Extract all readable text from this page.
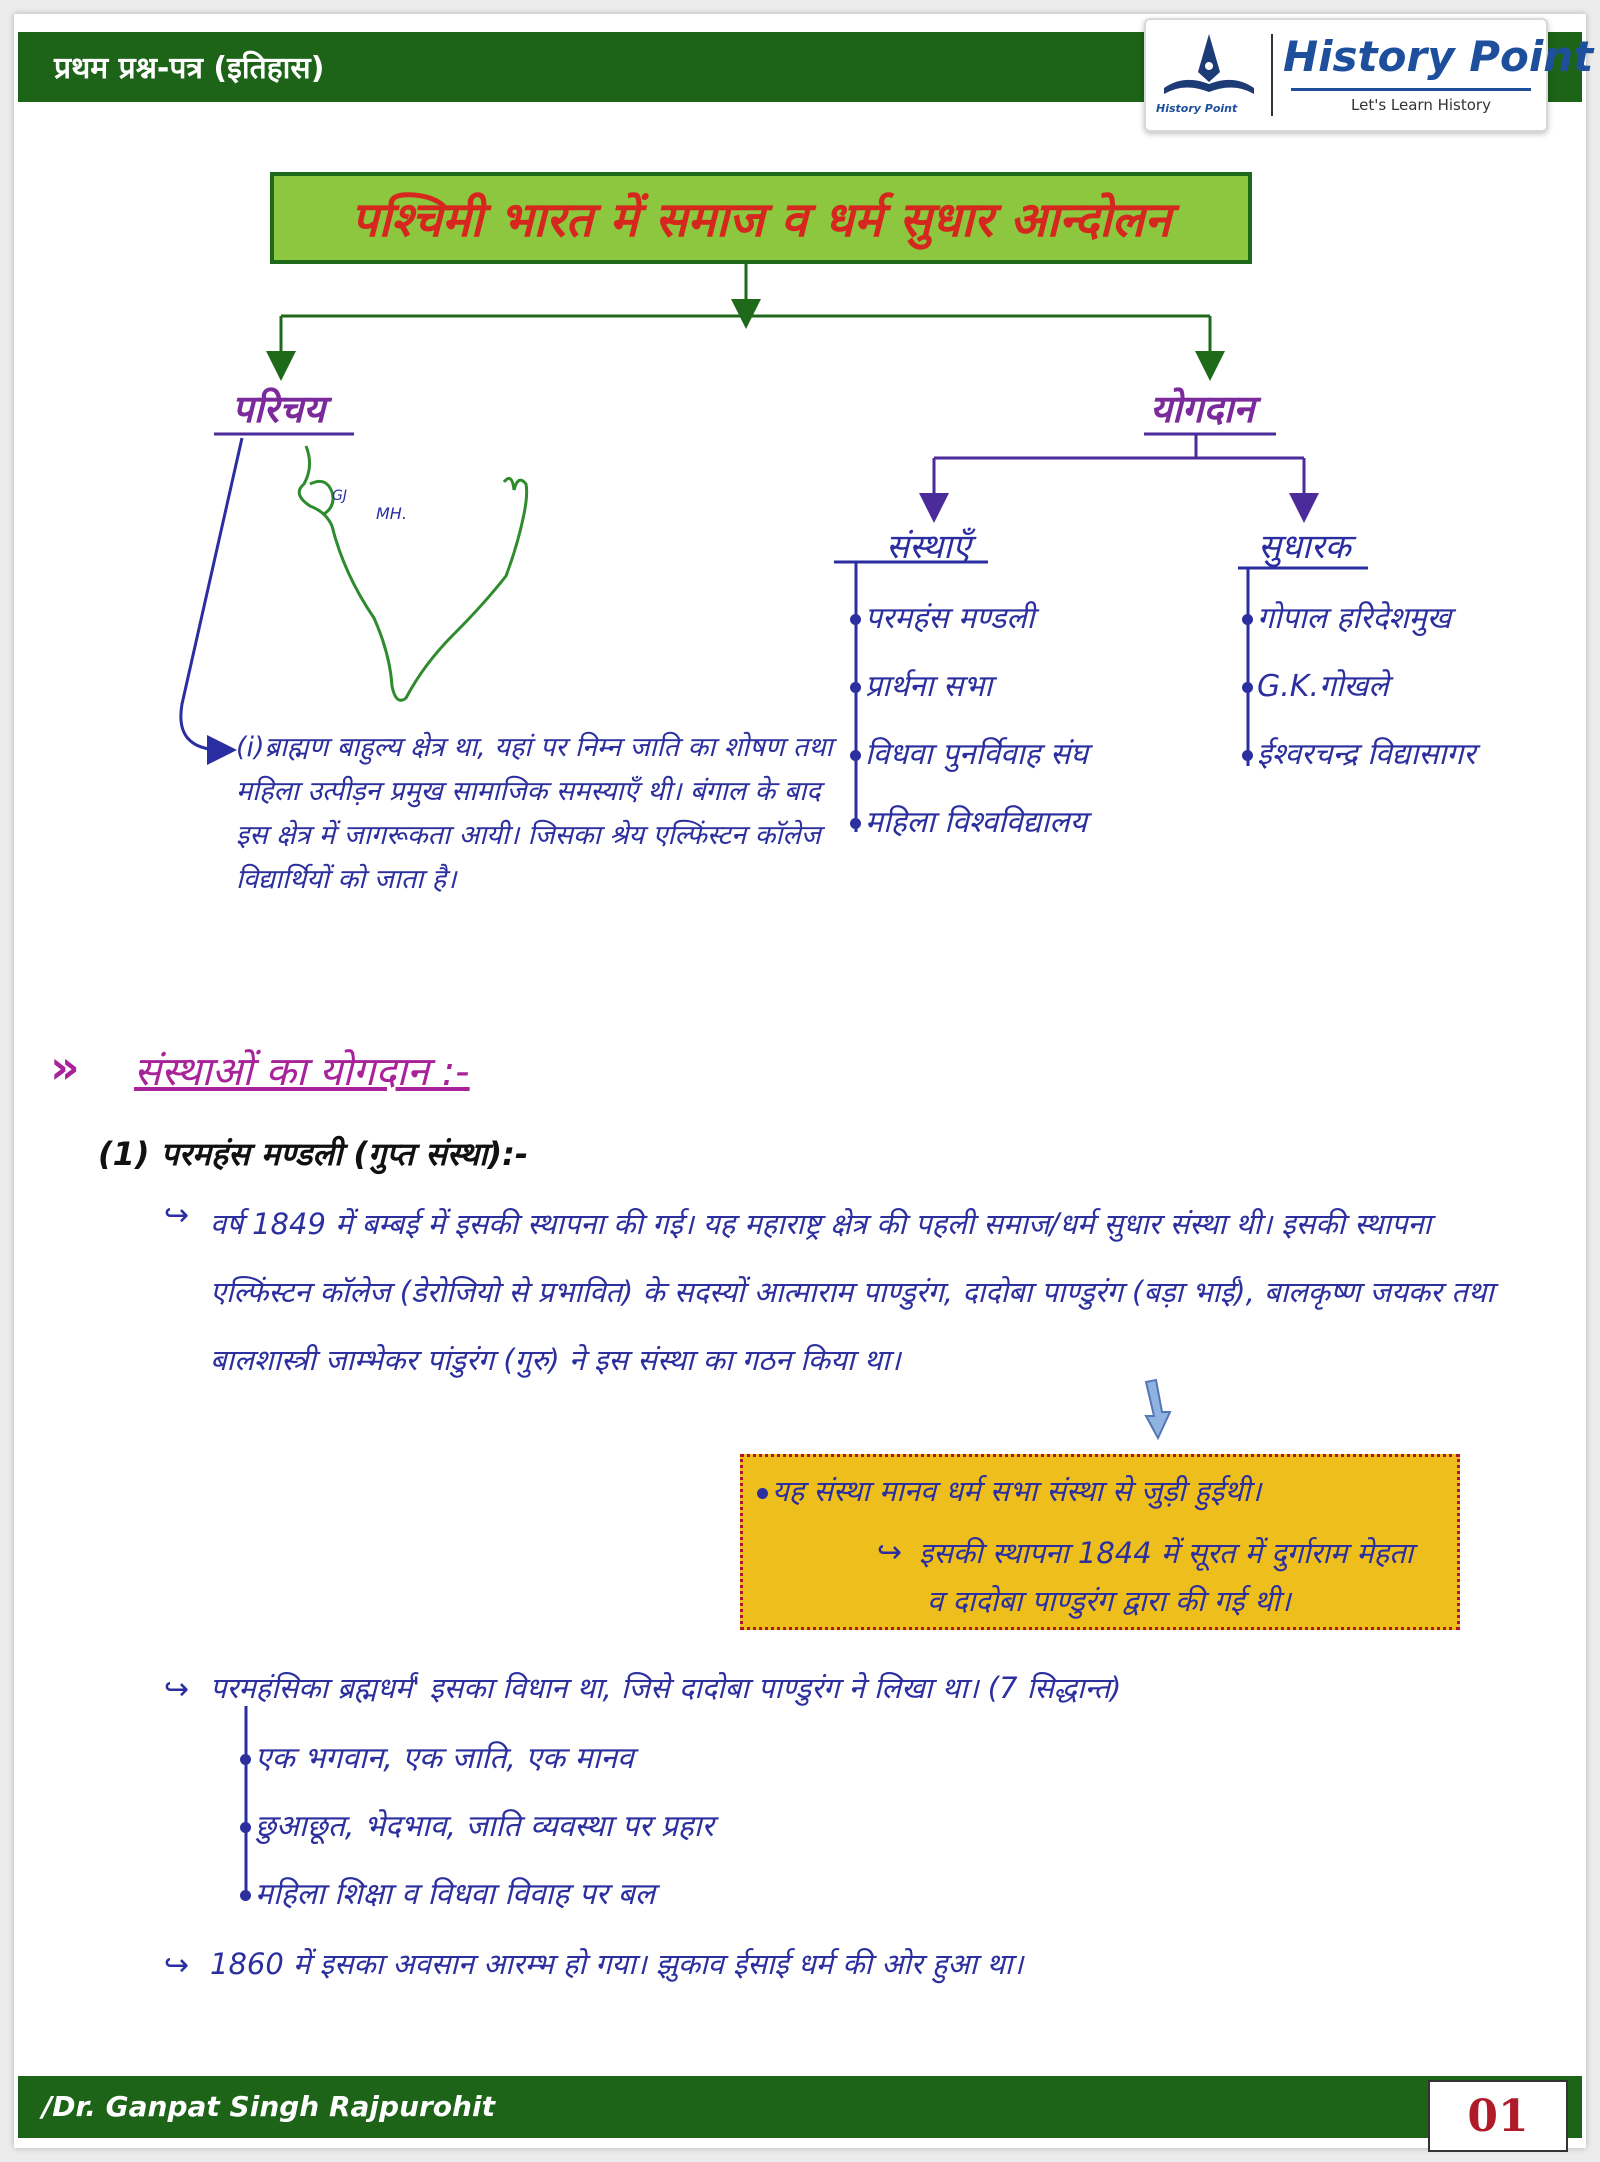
प्रथम प्रश्न-पत्र (इतिहास)
History Point
History Point
Let's Learn History
पश्चिमी भारत में समाज व धर्म सुधार आन्दोलन
परिचय	योगदान
GJ
MH.
संस्थाएँ	सुधारक
परमहंस मण्डली
प्रार्थना सभा
विधवा पुनर्विवाह संघ
महिला विश्वविद्यालय
गोपाल हरिदेशमुख
G.K.गोखले
ईश्वरचन्द्र विद्यासागर
(i)ब्राह्मण बाहुल्य क्षेत्र था, यहां पर निम्न जाति का शोषण तथा महिला उत्पीड़न प्रमुख सामाजिक समस्याएँ थी। बंगाल के बाद इस क्षेत्र में जागरूकता आयी। जिसका श्रेय एल्फिंस्टन कॉलेज विद्यार्थियों को जाता है।
» संस्थाओं का योगदान :-
(1) परमहंस मण्डली (गुप्त संस्था):-
↪ वर्ष 1849 में बम्बई में इसकी स्थापना की गई। यह महाराष्ट्र क्षेत्र की पहली समाज/धर्म सुधार संस्था थी। इसकी स्थापना एल्फिंस्टन कॉलेज (डेरोजियो से प्रभावित) के सदस्यों आत्माराम पाण्डुरंग, दादोबा पाण्डुरंग (बड़ा भाई), बालकृष्ण जयकर तथा बालशास्त्री जाम्भेकर पांडुरंग (गुरु) ने इस संस्था का गठन किया था।
यह संस्था मानव धर्म सभा संस्था से जुड़ी हुईथी।
↪ इसकी स्थापना 1844 में सूरत में दुर्गाराम मेहता
व दादोबा पाण्डुरंग द्वारा की गई थी।
↪ परमहंसिका ब्रह्मधर्म' इसका विधान था, जिसे दादोबा पाण्डुरंग ने लिखा था। (7 सिद्धान्त)
एक भगवान, एक जाति, एक मानव
छुआछूत, भेदभाव, जाति व्यवस्था पर प्रहार
महिला शिक्षा व विधवा विवाह पर बल
↪ 1860 में इसका अवसान आरम्भ हो गया। झुकाव ईसाई धर्म की ओर हुआ था।
/Dr. Ganpat Singh Rajpurohit	01
